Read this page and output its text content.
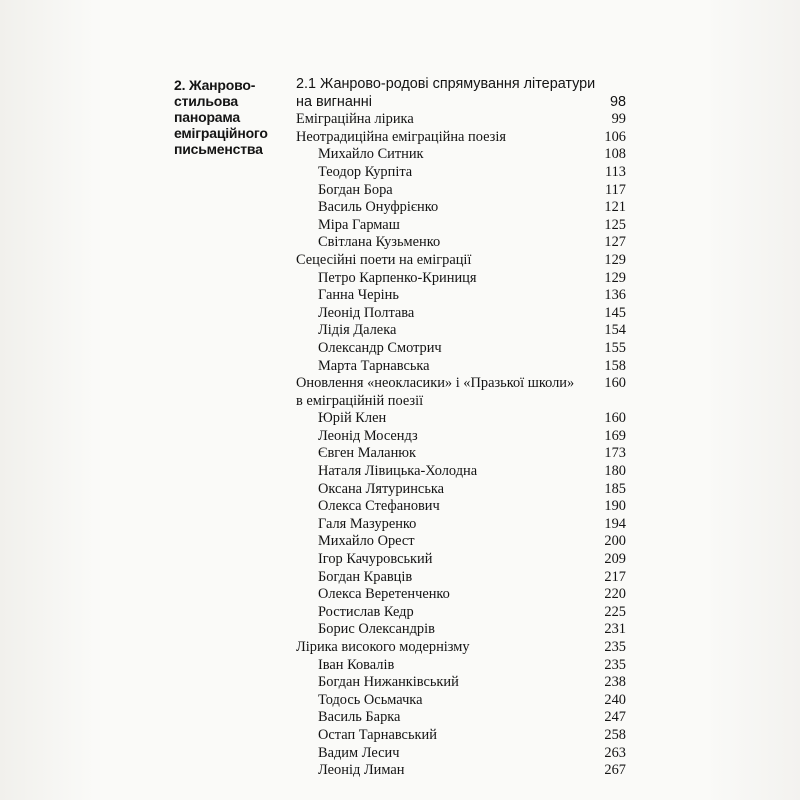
2. Жанрово-стильова панорама еміграційного письменства
2.1 Жанрово-родові спрямування літератури
на вигнанні	98
Еміграційна лірика	99
Неотрадиційна еміграційна поезія	106
Михайло Ситник	108
Теодор Курпіта	113
Богдан Бора	117
Василь Онуфрієнко	121
Міра Гармаш	125
Світлана Кузьменко	127
Сецесійні поети на еміграції	129
Петро Карпенко-Криниця	129
Ганна Черінь	136
Леонід Полтава	145
Лідія Далека	154
Олександр Смотрич	155
Марта Тарнавська	158
Оновлення «неокласики» і «Празької школи» 160
в еміграційній поезії
Юрій Клен	160
Леонід Мосендз	169
Євген Маланюк	173
Наталя Лівицька-Холодна	180
Оксана Лятуринська	185
Олекса Стефанович	190
Галя Мазуренко	194
Михайло Орест	200
Ігор Качуровський	209
Богдан Кравців	217
Олекса Веретенченко	220
Ростислав Кедр	225
Борис Олександрів	231
Лірика високого модернізму	235
Іван Ковалів	235
Богдан Нижанківський	238
Тодось Осьмачка	240
Василь Барка	247
Остап Тарнавський	258
Вадим Лесич	263
Леонід Лиман	267
